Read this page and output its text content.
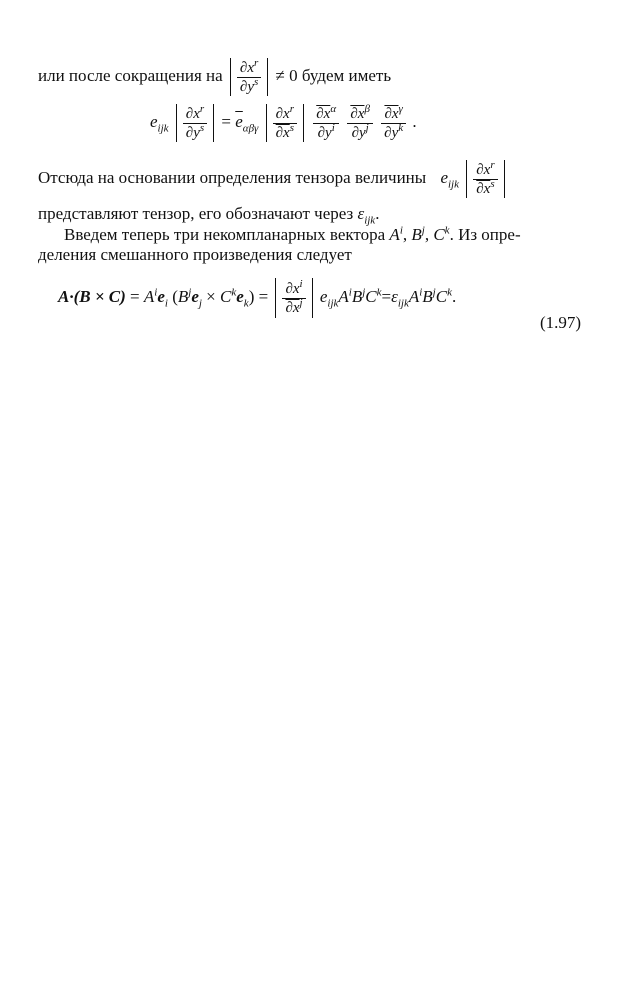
или после сокращения на $\frac{\partial x^r}{\partial y^s} \ne 0$ будем иметь
$e_{ijk} \frac{\partial x^r}{\partial y^s} = \overline{e}_{\alpha\beta\gamma} \frac{\partial x^r}{\partial x^s}$
$\frac{\partial x^\alpha}{\partial y^i}$
$\frac{\partial x^\beta}{\partial y^j}$
$\frac{\partial x^\gamma}{\partial y^k}$ .
Отсюда на основании определения тензора величины $e_{ijk} \frac{\partial x^r}{\partial x^s}$
представляют тензор, его обозначают через $\varepsilon_{ijk}$.
Введем теперь три некомпланарных вектора $A^i$, $B^j$, $C^k$. Из опре-
деления смешанного произведения следует
$A\cdot(B \times C) = A^ie_i$ $(B^je_j \times C^ke_k) = \frac{\partial x^i}{\partial x^j} e_{ijk}A^iB^jC^k=\varepsilon_{ijk}A^iB^jC^k$.
(1.97)
